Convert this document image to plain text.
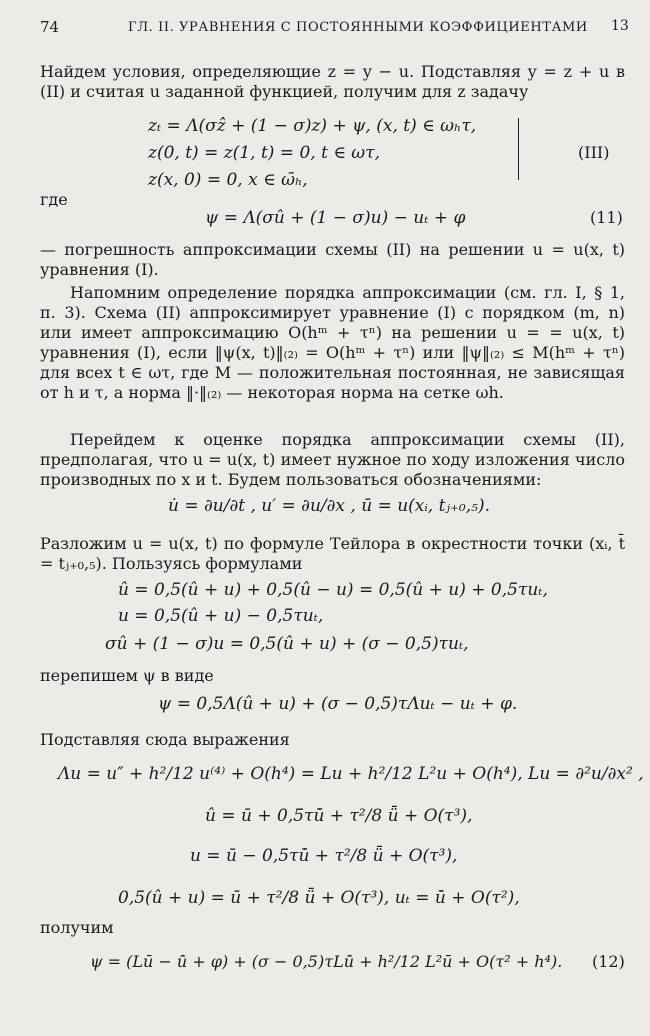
74	ГЛ. II. УРАВНЕНИЯ С ПОСТОЯННЫМИ КОЭФФИЦИЕНТАМИ 13
Найдем условия, определяющие z = y − u. Подставляя y = z + u в (II) и считая u заданной функцией, получим для z задачу
zₜ = Λ(σẑ + (1 − σ)z) + ψ, (x, t) ∈ ωₕτ,
z(0, t) = z(1, t) = 0, t ∈ ωτ,
z(x, 0) = 0, x ∈ ω̄ₕ,
(III)
где
ψ = Λ(σû + (1 − σ)u) − uₜ + φ	(11)
— погрешность аппроксимации схемы (II) на решении u = u(x, t) уравнения (I).
Напомним определение порядка аппроксимации (см. гл. I, § 1, п. 3). Схема (II) аппроксимирует уравнение (I) с порядком (m, n) или имеет аппроксимацию O(hᵐ + τⁿ) на решении u = = u(x, t) уравнения (I), если ‖ψ(x, t)‖₍₂₎ = O(hᵐ + τⁿ) или ‖ψ‖₍₂₎ ≤ M(hᵐ + τⁿ) для всех t ∈ ωτ, где M — положительная постоянная, не зависящая от h и τ, а норма ‖·‖₍₂₎ — некоторая норма на сетке ωh.
Перейдем к оценке порядка аппроксимации схемы (II), предполагая, что u = u(x, t) имеет нужное по ходу изложения число производных по x и t. Будем пользоваться обозначениями:
u̇ = ∂u/∂t , u′ = ∂u/∂x , ū = u(xᵢ, tⱼ₊₀,₅).
Разложим u = u(x, t) по формуле Тейлора в окрестности точки (xᵢ, t̄ = tⱼ₊₀,₅). Пользуясь формулами
û = 0,5(û + u) + 0,5(û − u) = 0,5(û + u) + 0,5τuₜ,
u = 0,5(û + u) − 0,5τuₜ,
σû + (1 − σ)u = 0,5(û + u) + (σ − 0,5)τuₜ,
перепишем ψ в виде
ψ = 0,5Λ(û + u) + (σ − 0,5)τΛuₜ − uₜ + φ.
Подставляя сюда выражения
Λu = u″ + h²/12 u⁽⁴⁾ + O(h⁴) = Lu + h²/12 L²u + O(h⁴), Lu = ∂²u/∂x² ,
û = ū + 0,5τu̇̄ + τ²/8 ǖ + O(τ³),
u = ū − 0,5τu̇̄ + τ²/8 ǖ + O(τ³),
0,5(û + u) = ū + τ²/8 ǖ + O(τ³), uₜ = u̇̄ + O(τ²),
получим
ψ = (Lū − u̇̄ + φ) + (σ − 0,5)τLu̇̄ + h²/12 L²ū + O(τ² + h⁴). (12)
